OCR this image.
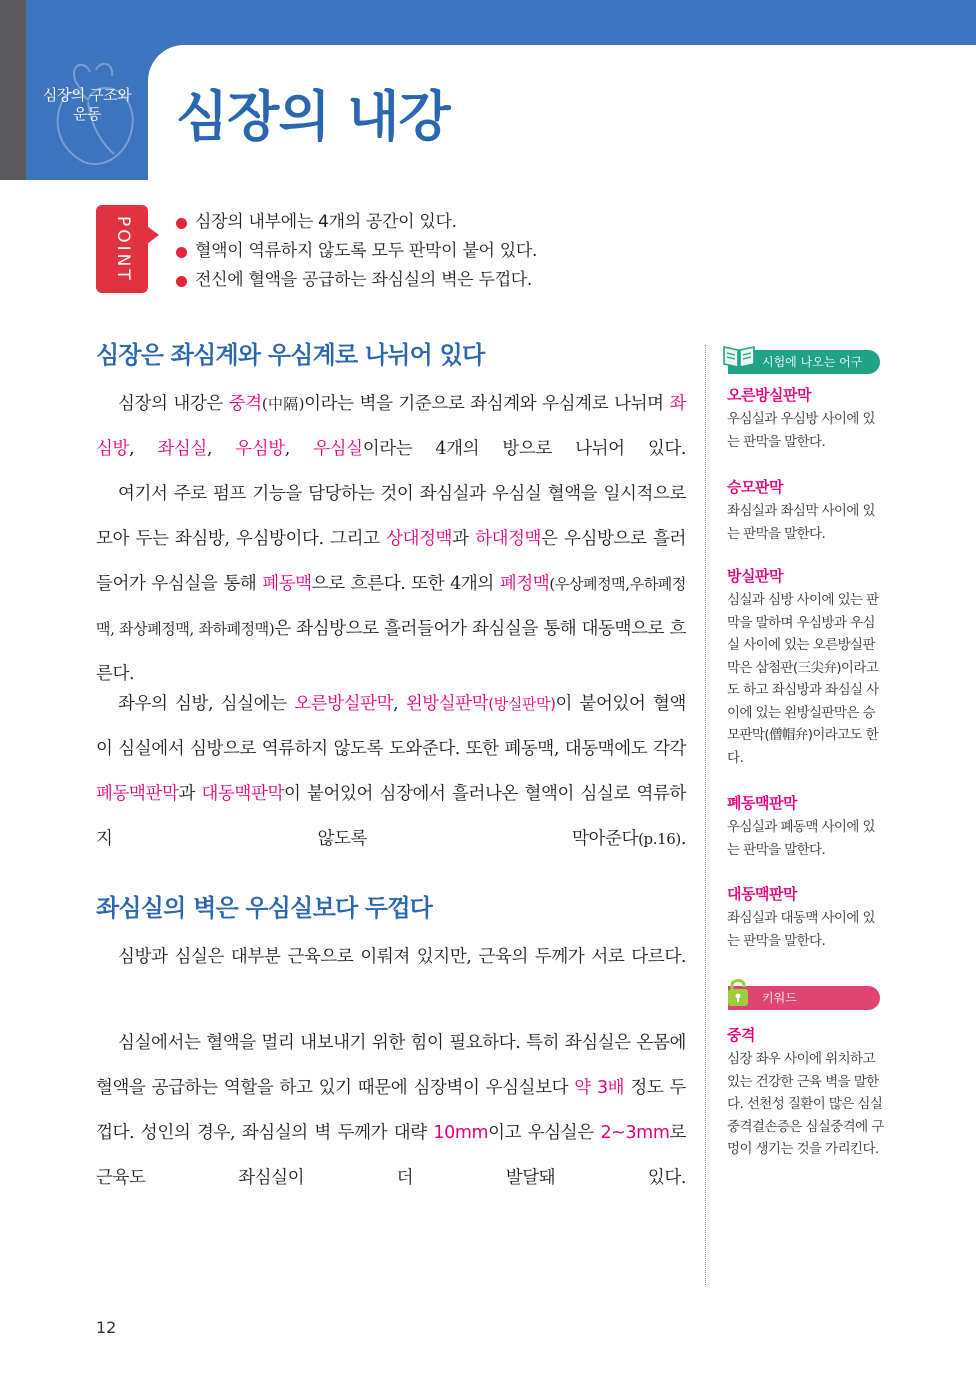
심장의 구조와
운동	심장의 내강
POINT	심장의 내부에는 4개의 공간이 있다.
혈액이 역류하지 않도록 모두 판막이 붙어 있다.
전신에 혈액을 공급하는 좌심실의 벽은 두껍다.
심장은 좌심계와 우심계로 나뉘어 있다

심장의 내강은 중격(中隔)이라는 벽을 기준으로 좌심계와 우심계로 나뉘며 좌심방, 좌심실, 우심방, 우심실이라는 4개의 방으로 나뉘어 있다.

여기서 주로 펌프 기능을 담당하는 것이 좌심실과 우심실 혈액을 일시적으로 모아 두는 좌심방, 우심방이다. 그리고 상대정맥과 하대정맥은 우심방으로 흘러들어가 우심실을 통해 폐동맥으로 흐른다. 또한 4개의 폐정맥(우상폐정맥,우하폐정맥, 좌상폐정맥, 좌하폐정맥)은 좌심방으로 흘러들어가 좌심실을 통해 대동맥으로 흐른다.

좌우의 심방, 심실에는 오른방실판막, 왼방실판막(방실판막)이 붙어있어 혈액이 심실에서 심방으로 역류하지 않도록 도와준다. 또한 폐동맥, 대동맥에도 각각 폐동맥판막과 대동맥판막이 붙어있어 심장에서 흘러나온 혈액이 심실로 역류하지 않도록 막아준다(p.16).

좌심실의 벽은 우심실보다 두껍다

심방과 심실은 대부분 근육으로 이뤄져 있지만, 근육의 두께가 서로 다르다.

심실에서는 혈액을 멀리 내보내기 위한 힘이 필요하다. 특히 좌심실은 온몸에 혈액을 공급하는 역할을 하고 있기 때문에 심장벽이 우심실보다 약 3배 정도 두껍다. 성인의 경우, 좌심실의 벽 두께가 대략 10mm이고 우심실은 2~3mm로 근육도 좌심실이 더 발달돼 있다.

시험에 나오는 어구
오른방실판막

우심실과 우심방 사이에 있는 판막을 말한다.

승모판막

좌심실과 좌심막 사이에 있는 판막을 말한다.

방실판막

심실과 심방 사이에 있는 판막을 말하며 우심방과 우심실 사이에 있는 오른방실판막은 삼첨판(三尖弁)이라고도 하고 좌심방과 좌심실 사이에 있는 왼방실판막은 승모판막(僧帽弁)이라고도 한다.

폐동맥판막

우심실과 폐동맥 사이에 있는 판막을 말한다.

대동맥판막

좌심실과 대동맥 사이에 있는 판막을 말한다.

키워드
중격

심장 좌우 사이에 위치하고 있는 건강한 근육 벽을 말한다. 선천성 질환이 많은 심실중격결손증은 심실중격에 구멍이 생기는 것을 가리킨다.

12
